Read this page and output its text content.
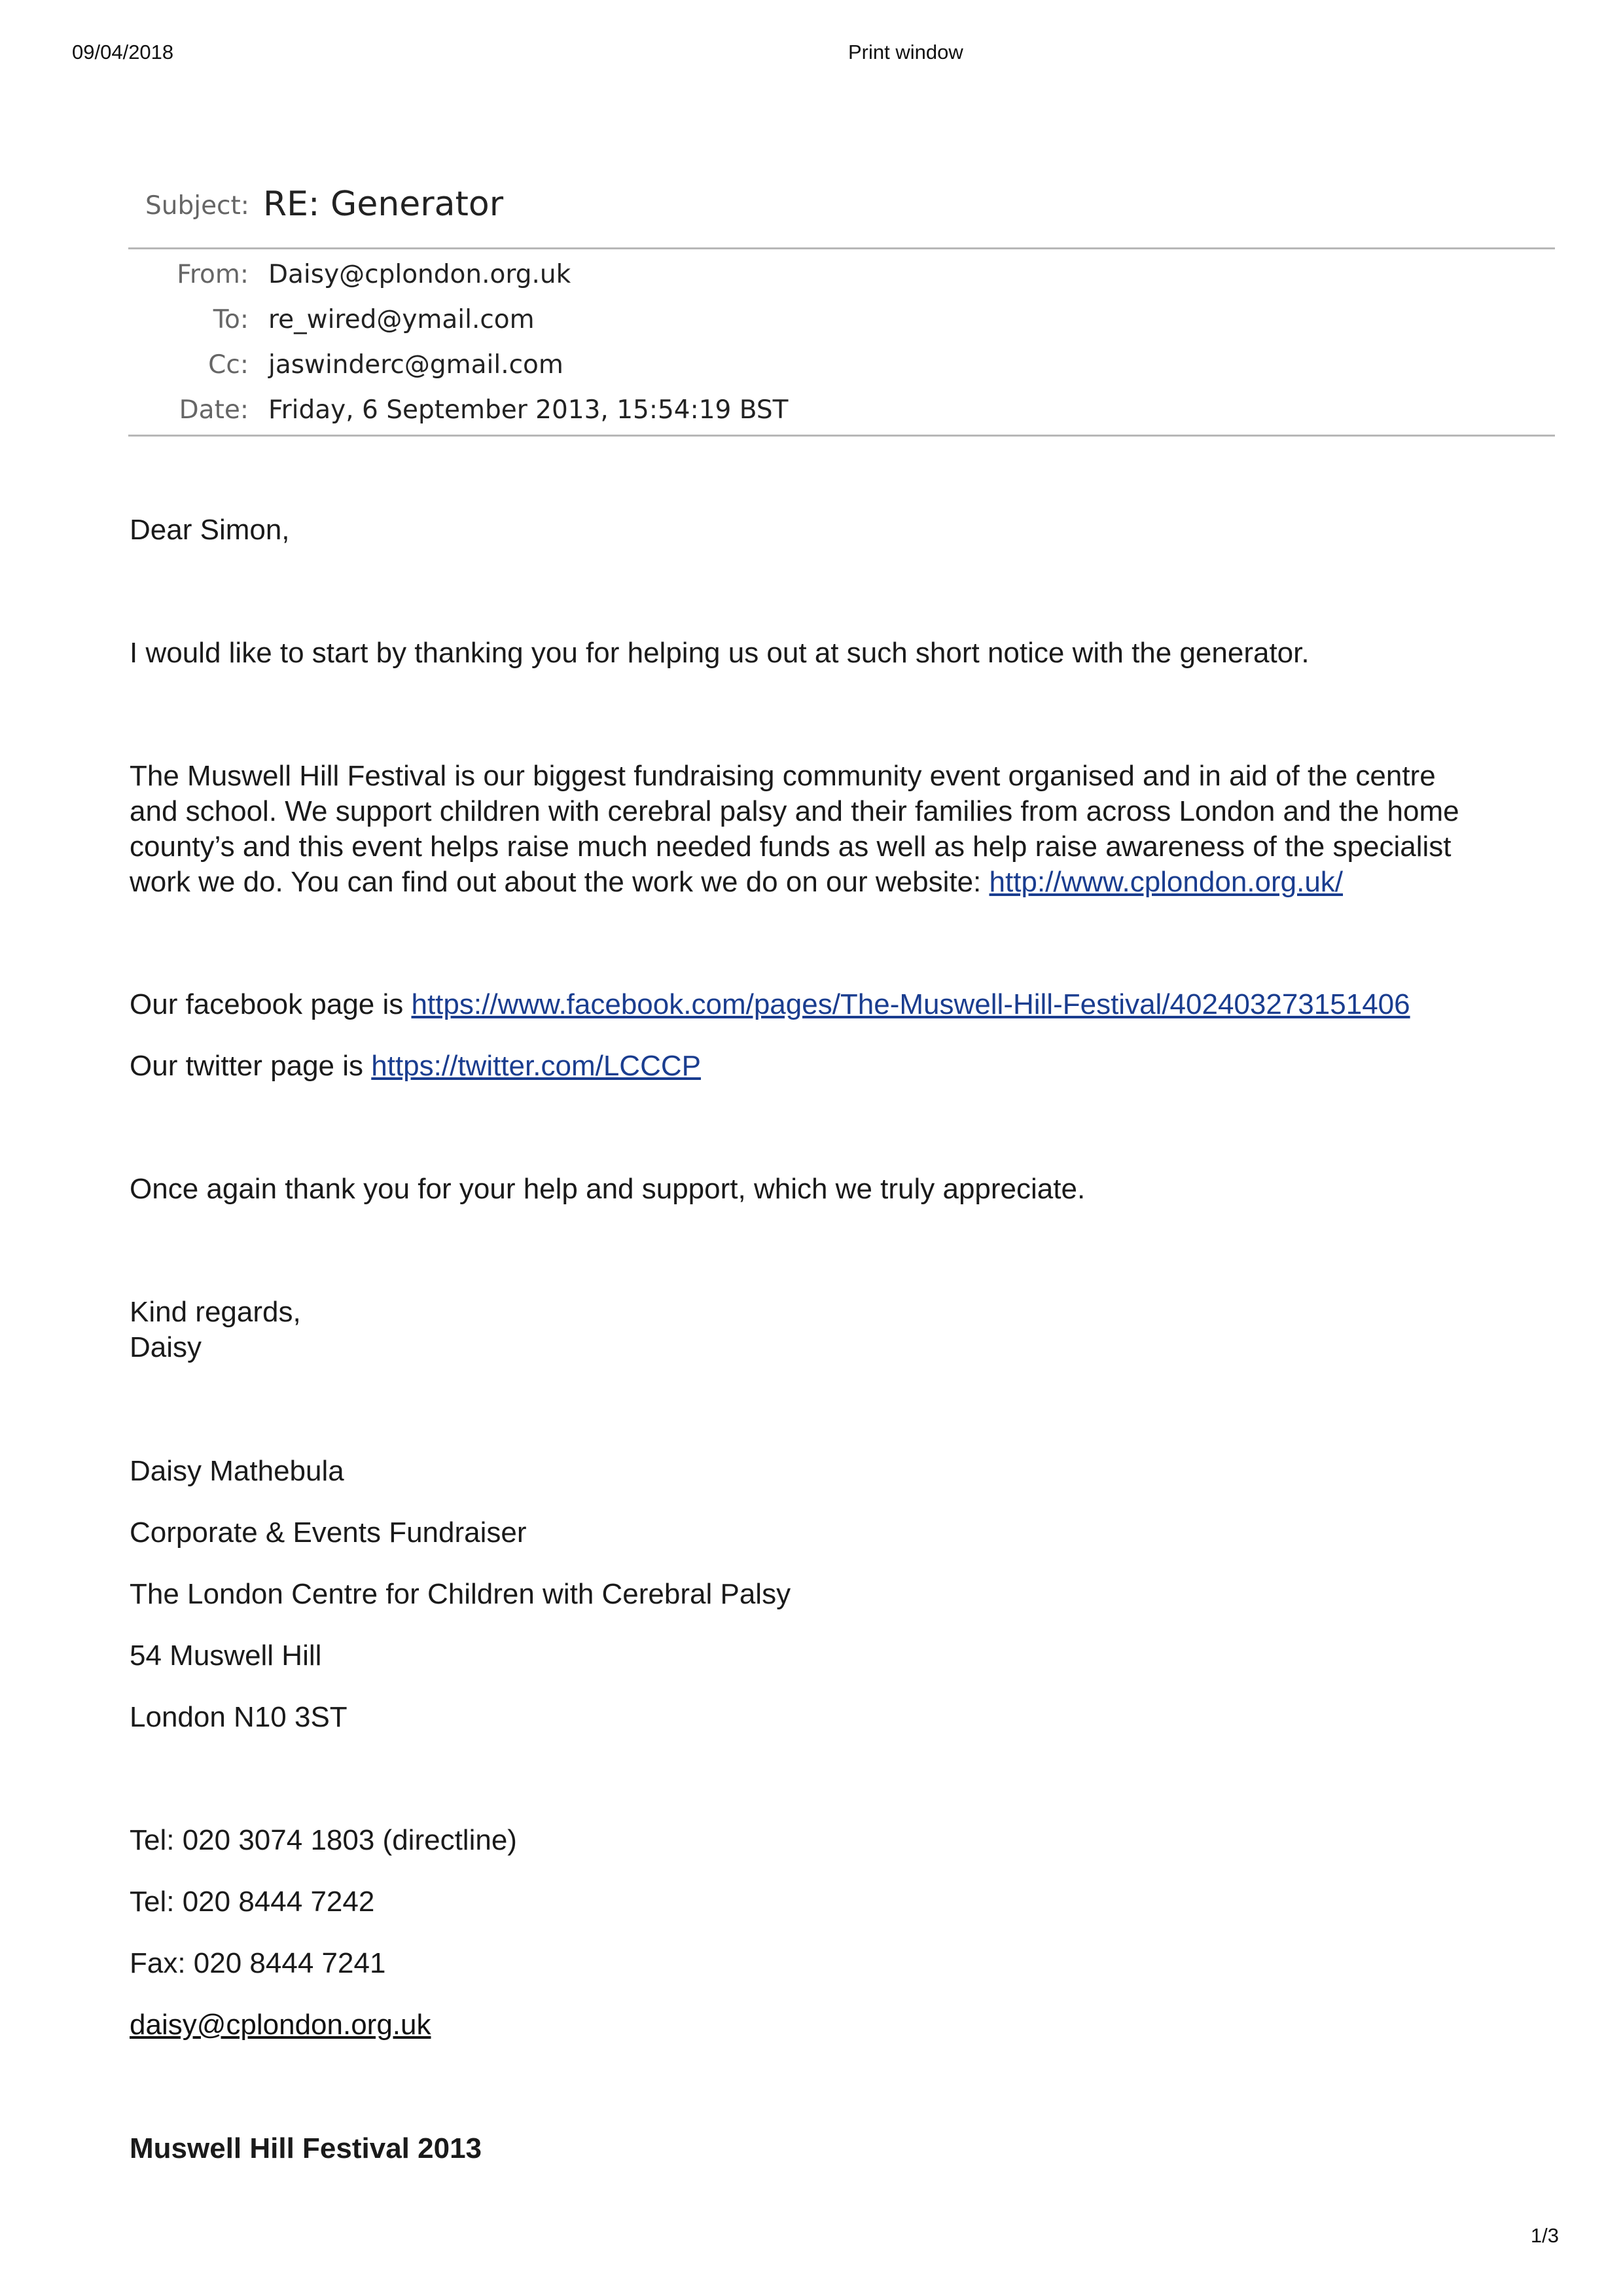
09/04/2018	Print window
Subject: RE: Generator
From: Daisy@cplondon.org.uk
To: re_wired@ymail.com
Cc: jaswinderc@gmail.com
Date: Friday, 6 September 2013, 15:54:19 BST
Dear Simon,
I would like to start by thanking you for helping us out at such short notice with the generator.

The Muswell Hill Festival is our biggest fundraising community event organised and in aid of the centre

and school. We support children with cerebral palsy and their families from across London and the home

county’s and this event helps raise much needed funds as well as help raise awareness of the specialist

work we do. You can find out about the work we do on our website: http://www.cplondon.org.uk/

Our facebook page is https://www.facebook.com/pages/The-Muswell-Hill-Festival/402403273151406
Our twitter page is https://twitter.com/LCCCP
Once again thank you for your help and support, which we truly appreciate.

Kind regards,

Daisy

Daisy Mathebula
Corporate & Events Fundraiser
The London Centre for Children with Cerebral Palsy
54 Muswell Hill
London N10 3ST
Tel: 020 3074 1803 (directline)
Tel: 020 8444 7242
Fax: 020 8444 7241
daisy@cplondon.org.uk
Muswell Hill Festival 2013
1/3
